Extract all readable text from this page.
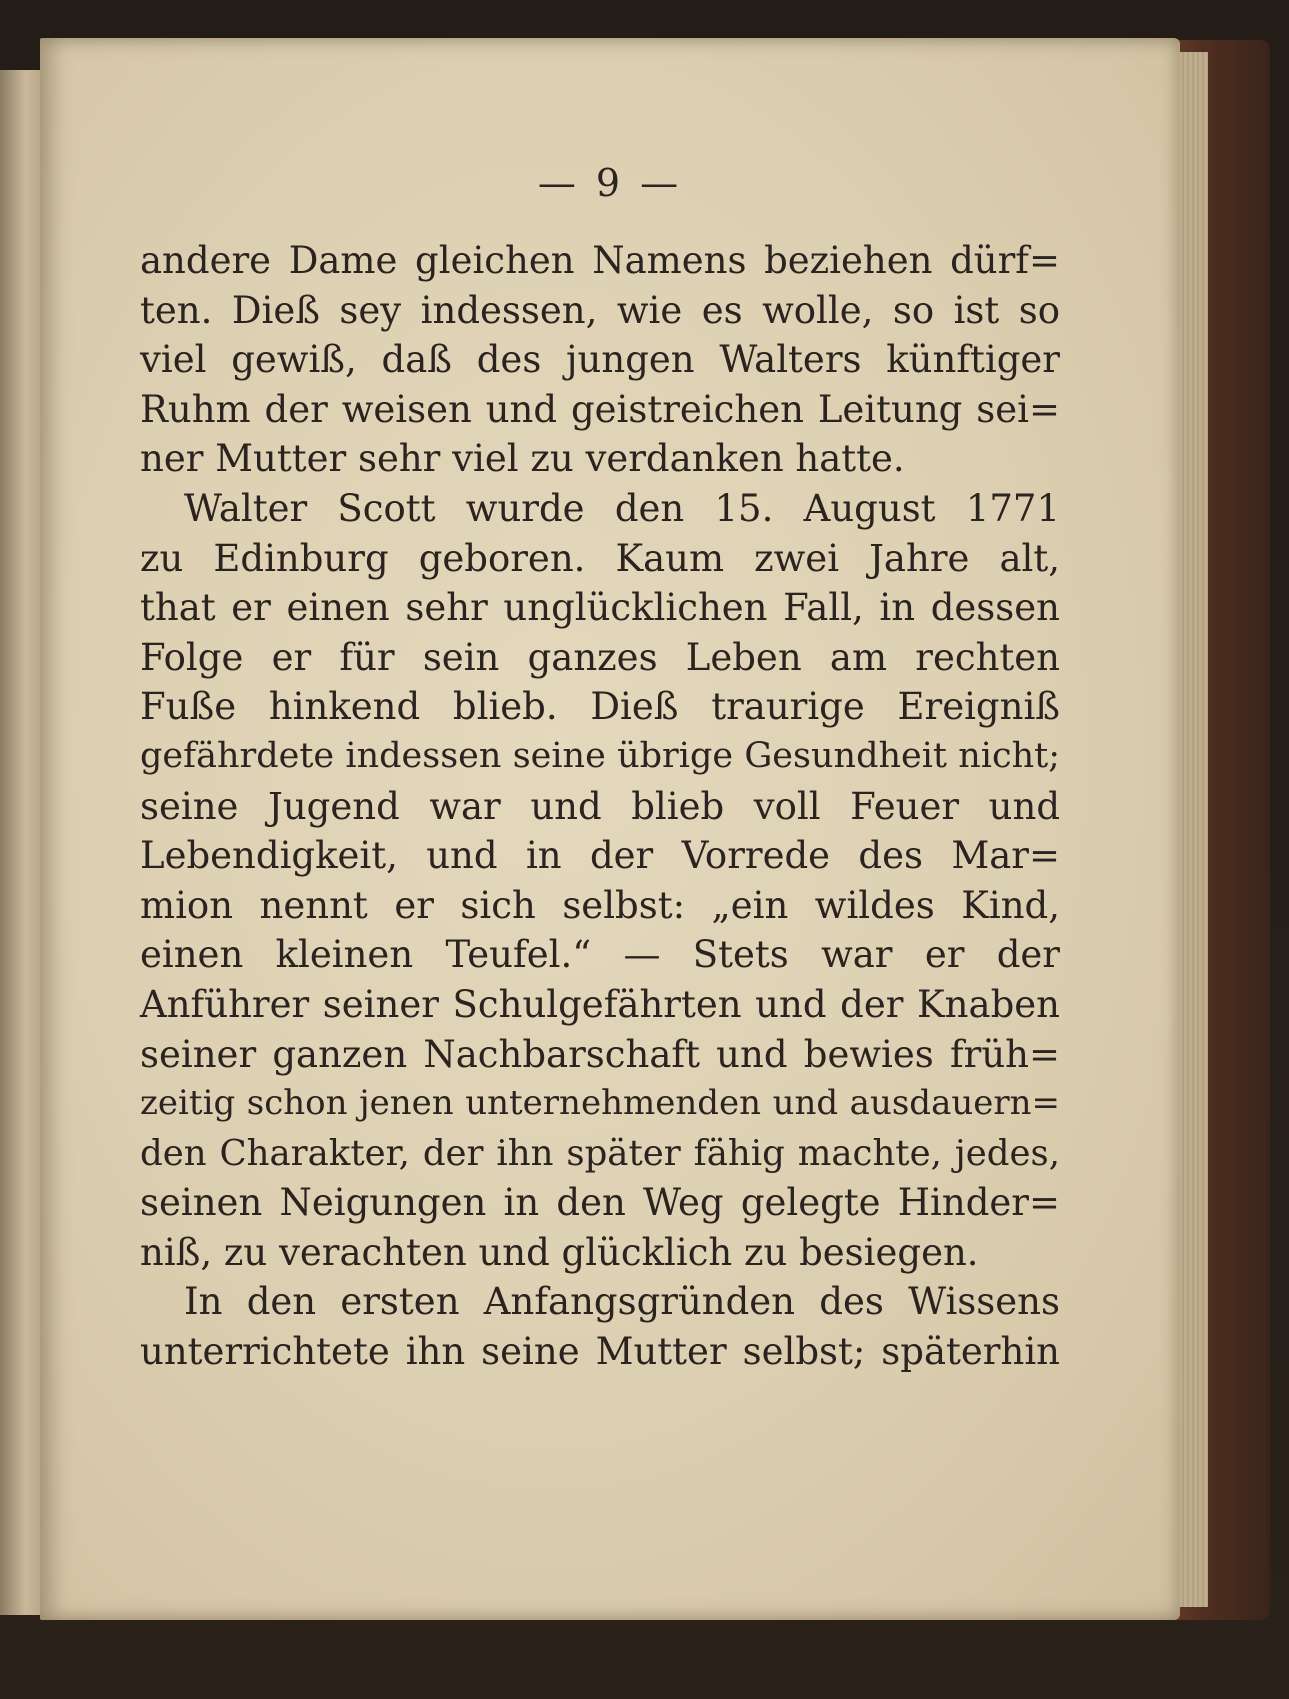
— 9 —
andere Dame gleichen Namens beziehen dürf=
ten. Dieß sey indessen, wie es wolle, so ist so
viel gewiß, daß des jungen Walters künftiger
Ruhm der weisen und geistreichen Leitung sei=
ner Mutter sehr viel zu verdanken hatte.
Walter Scott wurde den 15. August 1771
zu Edinburg geboren. Kaum zwei Jahre alt,
that er einen sehr unglücklichen Fall, in dessen
Folge er für sein ganzes Leben am rechten
Fuße hinkend blieb. Dieß traurige Ereigniß
gefährdete indessen seine übrige Gesundheit nicht;
seine Jugend war und blieb voll Feuer und
Lebendigkeit, und in der Vorrede des Mar=
mion nennt er sich selbst: „ein wildes Kind,
einen kleinen Teufel.“ — Stets war er der
Anführer seiner Schulgefährten und der Knaben
seiner ganzen Nachbarschaft und bewies früh=
zeitig schon jenen unternehmenden und ausdauern=
den Charakter, der ihn später fähig machte, jedes,
seinen Neigungen in den Weg gelegte Hinder=
niß, zu verachten und glücklich zu besiegen.
In den ersten Anfangsgründen des Wissens
unterrichtete ihn seine Mutter selbst; späterhin
